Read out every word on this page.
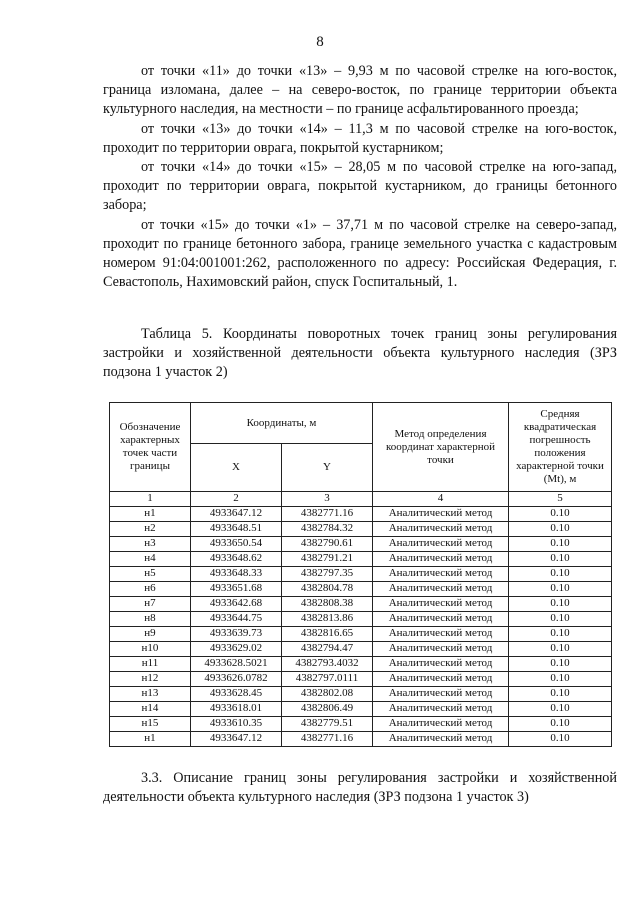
8

от точки «11» до точки «13» – 9,93 м по часовой стрелке на юго-восток, граница изломана, далее – на северо-восток, по границе территории объекта культурного наследия, на местности – по границе асфальтированного проезда;

от точки «13» до точки «14» – 11,3 м по часовой стрелке на юго-восток, проходит по территории оврага, покрытой кустарником;

от точки «14» до точки «15» – 28,05 м по часовой стрелке на юго-запад, проходит по территории оврага, покрытой кустарником, до границы бетонного забора;

от точки «15» до точки «1» – 37,71 м по часовой стрелке на северо-запад, проходит по границе бетонного забора, границе земельного участка с кадастровым номером 91:04:001001:262, расположенного по адресу: Российская Федерация, г. Севастополь, Нахимовский район, спуск Госпитальный, 1.

Таблица 5. Координаты поворотных точек границ зоны регулирования застройки и хозяйственной деятельности объекта культурного наследия (ЗРЗ подзона 1 участок 2)
Обозначение характерных точек части границы	Координаты, м		Метод определения координат характерной точки	Средняя квадратическая погрешность положения характерной точки (Mt), м
	X	Y		
1	2	3	4	5
н1	4933647.12	4382771.16	Аналитический метод	0.10
н2	4933648.51	4382784.32	Аналитический метод	0.10
н3	4933650.54	4382790.61	Аналитический метод	0.10
н4	4933648.62	4382791.21	Аналитический метод	0.10
н5	4933648.33	4382797.35	Аналитический метод	0.10
н6	4933651.68	4382804.78	Аналитический метод	0.10
н7	4933642.68	4382808.38	Аналитический метод	0.10
н8	4933644.75	4382813.86	Аналитический метод	0.10
н9	4933639.73	4382816.65	Аналитический метод	0.10
н10	4933629.02	4382794.47	Аналитический метод	0.10
н11	4933628.5021	4382793.4032	Аналитический метод	0.10
н12	4933626.0782	4382797.0111	Аналитический метод	0.10
н13	4933628.45	4382802.08	Аналитический метод	0.10
н14	4933618.01	4382806.49	Аналитический метод	0.10
н15	4933610.35	4382779.51	Аналитический метод	0.10
н1	4933647.12	4382771.16	Аналитический метод	0.10
3.3. Описание границ зоны регулирования застройки и хозяйственной деятельности объекта культурного наследия (ЗРЗ подзона 1 участок 3)
